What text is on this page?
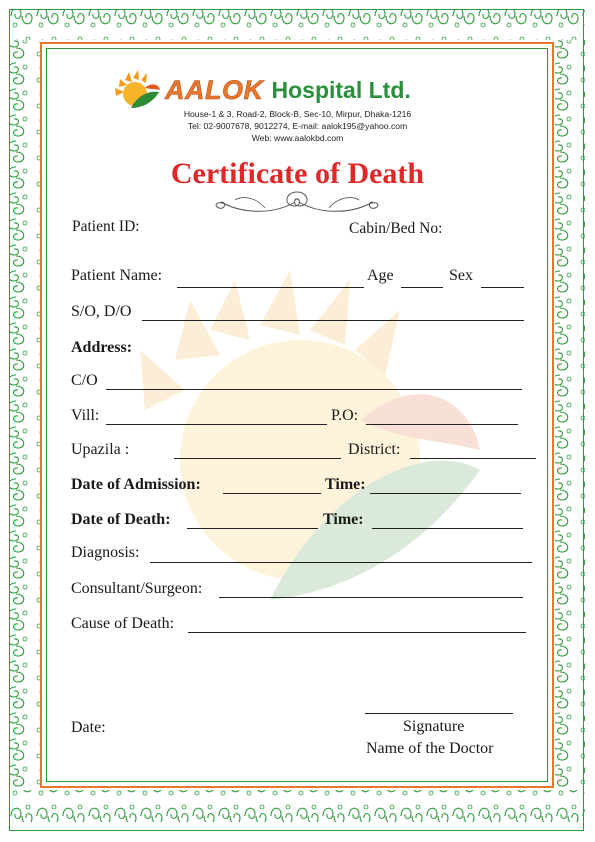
AALOK Hospital Ltd.
House-1 & 3, Road-2, Block-B, Sec-10, Mirpur, Dhaka-1216
Tel: 02-9007678, 9012274, E-mail: aalok195@yahoo.com
Web: www.aalokbd.com
Certificate of Death
Patient ID:	Cabin/Bed No:
Patient Name:	Age	Sex
S/O, D/O
Address:
C/O
Vill:	P.O:
Upazila :	District:
Date of Admission:	Time:
Date of Death:	Time:
Diagnosis:
Consultant/Surgeon:
Cause of Death:
Date:	Signature
Name of the Doctor
